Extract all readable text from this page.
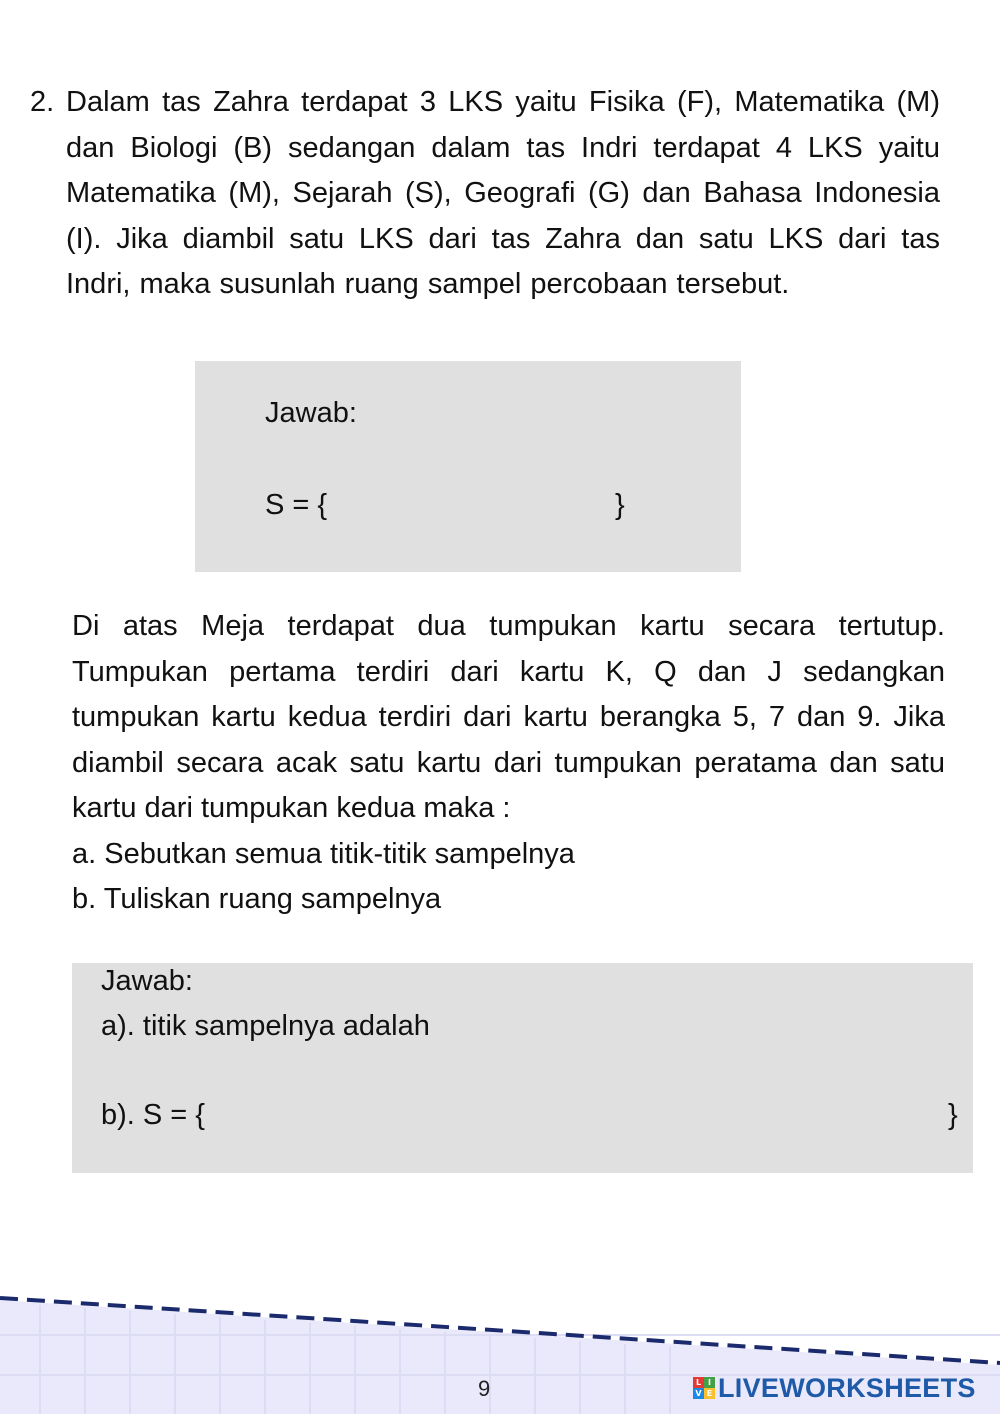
2. Dalam tas Zahra terdapat 3 LKS yaitu Fisika (F), Matematika (M) dan Biologi (B) sedangan dalam tas Indri terdapat 4 LKS yaitu Matematika (M), Sejarah (S), Geografi (G) dan Bahasa Indonesia (I). Jika diambil satu LKS dari tas Zahra dan satu LKS dari tas Indri, maka susunlah ruang sampel percobaan tersebut.
Jawab:
S = {	}

Di atas Meja terdapat dua tumpukan kartu secara tertutup. Tumpukan pertama terdiri dari kartu K, Q dan J sedangkan tumpukan kartu kedua terdiri dari kartu berangka 5, 7 dan 9. Jika diambil secara acak satu kartu dari tumpukan peratama dan satu kartu dari tumpukan kedua maka :

a. Sebutkan semua titik-titik sampelnya

b. Tuliskan ruang sampelnya

Jawab:
a). titik sampelnya adalah
b). S = {	}
9	L I
V E LIVEWORKSHEETS
